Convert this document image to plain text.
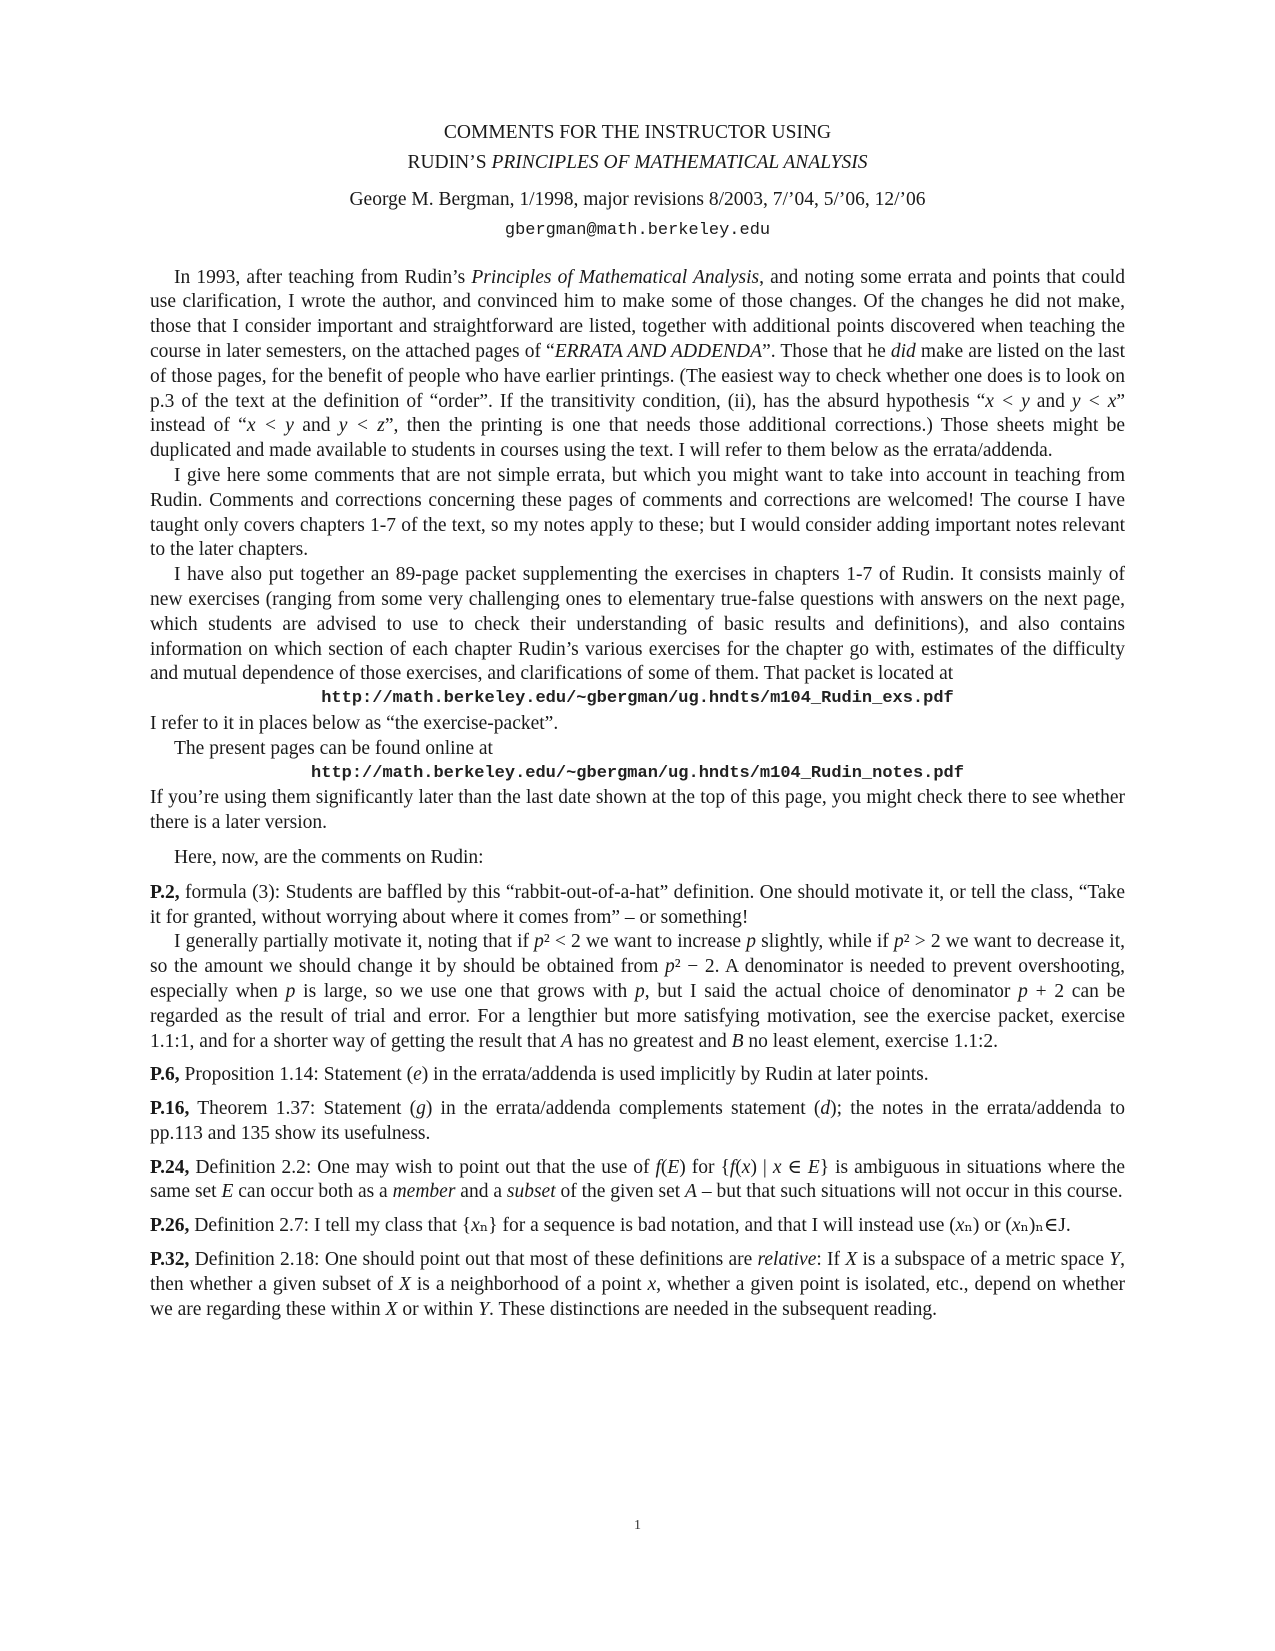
COMMENTS FOR THE INSTRUCTOR USING
RUDIN’S PRINCIPLES OF MATHEMATICAL ANALYSIS
George M. Bergman, 1/1998, major revisions 8/2003, 7/’04, 5/’06, 12/’06
gbergman@math.berkeley.edu

In 1993, after teaching from Rudin’s Principles of Mathematical Analysis, and noting some errata and points that could use clarification, I wrote the author, and convinced him to make some of those changes. Of the changes he did not make, those that I consider important and straightforward are listed, together with additional points discovered when teaching the course in later semesters, on the attached pages of “ERRATA AND ADDENDA”. Those that he did make are listed on the last of those pages, for the benefit of people who have earlier printings. (The easiest way to check whether one does is to look on p.3 of the text at the definition of “order”. If the transitivity condition, (ii), has the absurd hypothesis “x < y and y < x” instead of “x < y and y < z”, then the printing is one that needs those additional corrections.) Those sheets might be duplicated and made available to students in courses using the text. I will refer to them below as the errata/addenda.

I give here some comments that are not simple errata, but which you might want to take into account in teaching from Rudin. Comments and corrections concerning these pages of comments and corrections are welcomed! The course I have taught only covers chapters 1-7 of the text, so my notes apply to these; but I would consider adding important notes relevant to the later chapters.

I have also put together an 89-page packet supplementing the exercises in chapters 1-7 of Rudin. It consists mainly of new exercises (ranging from some very challenging ones to elementary true-false questions with answers on the next page, which students are advised to use to check their understanding of basic results and definitions), and also contains information on which section of each chapter Rudin’s various exercises for the chapter go with, estimates of the difficulty and mutual dependence of those exercises, and clarifications of some of them. That packet is located at

http://math.berkeley.edu/~gbergman/ug.hndts/m104_Rudin_exs.pdf

I refer to it in places below as “the exercise-packet”.

The present pages can be found online at

http://math.berkeley.edu/~gbergman/ug.hndts/m104_Rudin_notes.pdf

If you’re using them significantly later than the last date shown at the top of this page, you might check there to see whether there is a later version.

Here, now, are the comments on Rudin:

P.2, formula (3): Students are baffled by this “rabbit-out-of-a-hat” definition. One should motivate it, or tell the class, “Take it for granted, without worrying about where it comes from” – or something!

I generally partially motivate it, noting that if p² < 2 we want to increase p slightly, while if p² > 2 we want to decrease it, so the amount we should change it by should be obtained from p² − 2. A denominator is needed to prevent overshooting, especially when p is large, so we use one that grows with p, but I said the actual choice of denominator p + 2 can be regarded as the result of trial and error. For a lengthier but more satisfying motivation, see the exercise packet, exercise 1.1:1, and for a shorter way of getting the result that A has no greatest and B no least element, exercise 1.1:2.

P.6, Proposition 1.14: Statement (e) in the errata/addenda is used implicitly by Rudin at later points.

P.16, Theorem 1.37: Statement (g) in the errata/addenda complements statement (d); the notes in the errata/addenda to pp.113 and 135 show its usefulness.

P.24, Definition 2.2: One may wish to point out that the use of f(E) for {f(x) | x ∈ E} is ambiguous in situations where the same set E can occur both as a member and a subset of the given set A – but that such situations will not occur in this course.

P.26, Definition 2.7: I tell my class that {xₙ} for a sequence is bad notation, and that I will instead use (xₙ) or (xₙ)ₙ∈J.

P.32, Definition 2.18: One should point out that most of these definitions are relative: If X is a subspace of a metric space Y, then whether a given subset of X is a neighborhood of a point x, whether a given point is isolated, etc., depend on whether we are regarding these within X or within Y. These distinctions are needed in the subsequent reading.

1
